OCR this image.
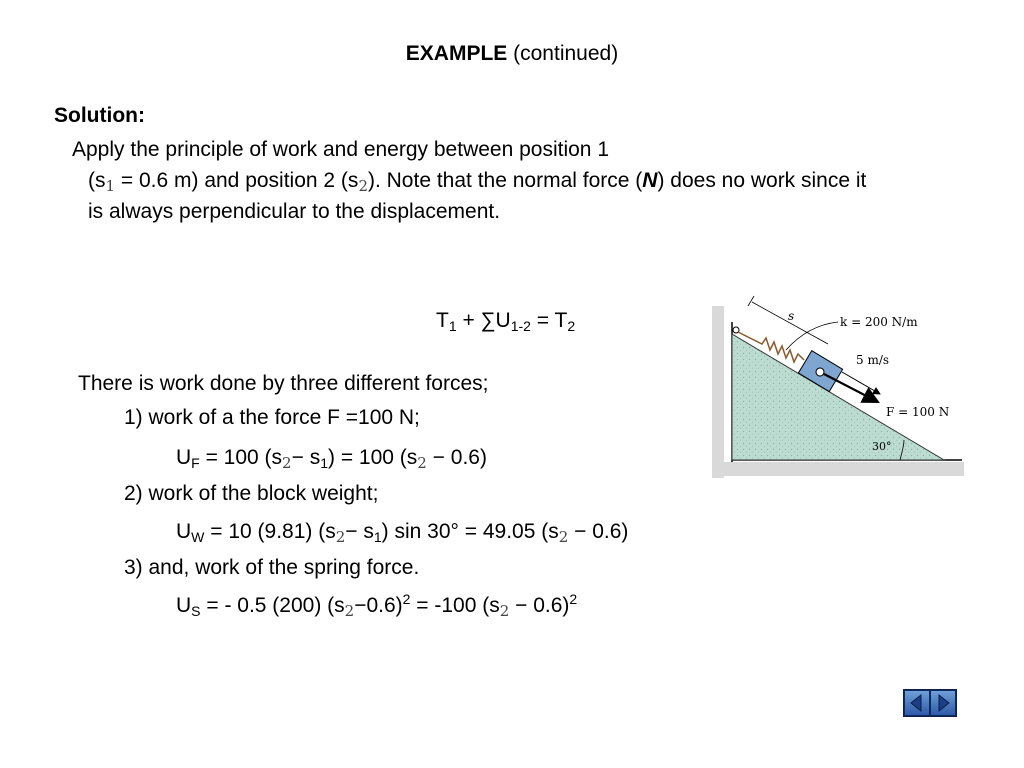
EXAMPLE (continued)
Solution:
Apply the principle of work and energy between position 1
(s1 = 0.6 m) and position 2 (s2). Note that the normal force (N) does no work since it
is always perpendicular to the displacement.
$T_1 + \sum U_{1-2} = T_2$
There is work done by three different forces;
1) work of a the force F =100 N;
$U_F = 100$ $(s2- s_1) = 100$ (s2 − 0.6)
2) work of the block weight;
$U_W = 10$ (9.81) $(s2- s_1)$ sin 30° = 49.05 (s2 − 0.6)
3) and, work of the spring force.
$U_S$ = - 0.5 (200) $(s2-0.6)^2 = -100$ $(s2 - 0.6)^2$
s	k = 200 N/m
5 m/s
F = 100 N
30°
